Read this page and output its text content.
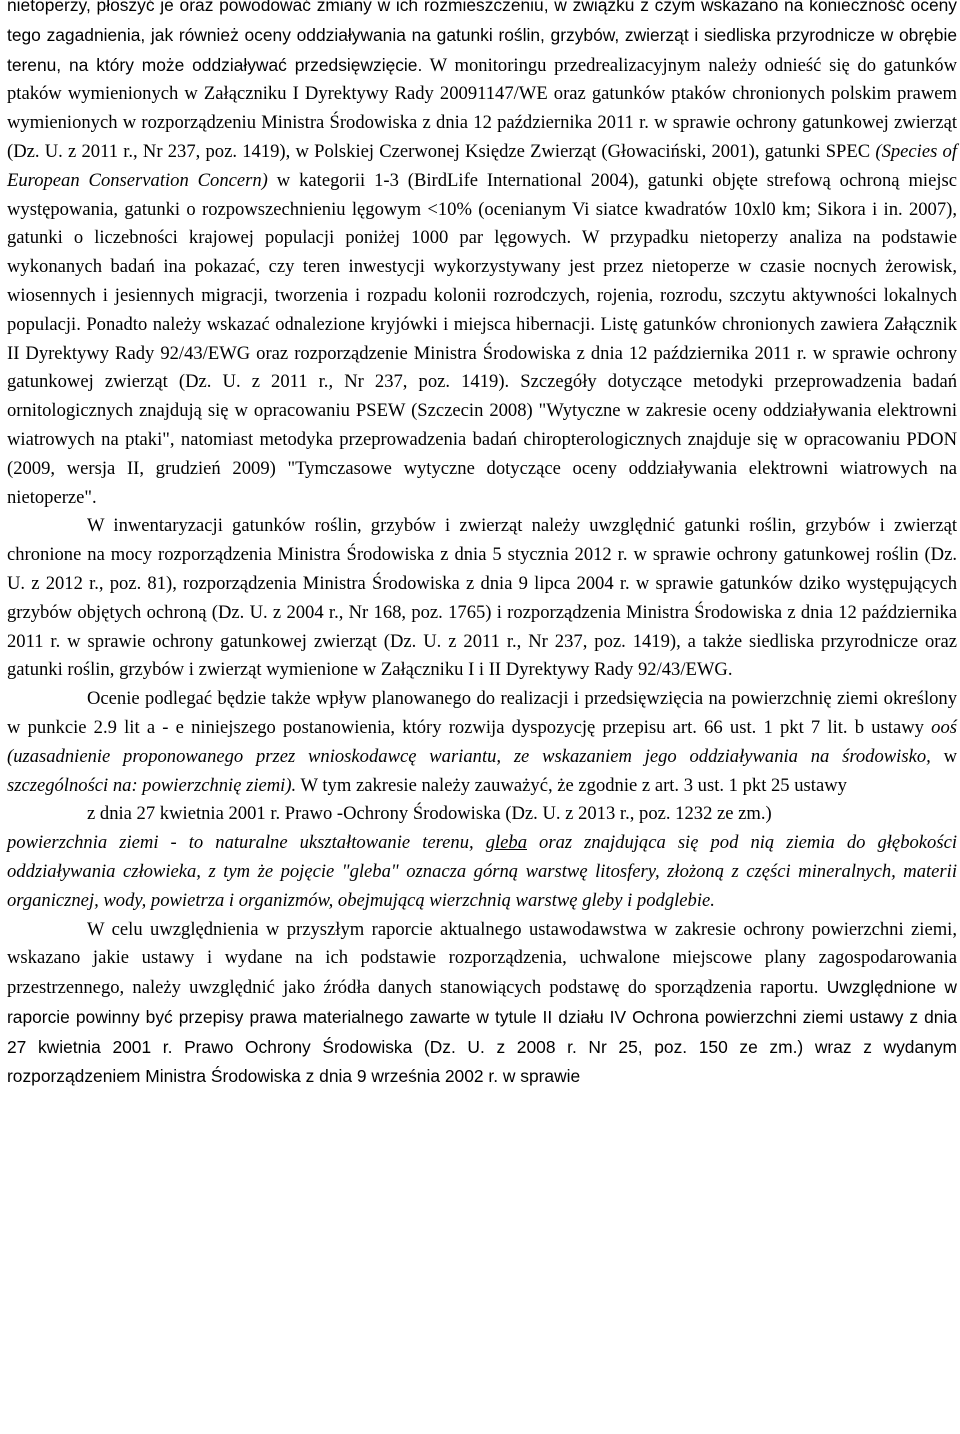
nietoperzy, płoszyć je oraz powodować zmiany w ich rozmieszczeniu, w związku z czym wskazano na konieczność oceny tego zagadnienia, jak również oceny oddziaływania na gatunki roślin, grzybów, zwierząt i siedliska przyrodnicze w obrębie terenu, na który może oddziaływać przedsięwzięcie. W monitoringu przedrealizacyjnym należy odnieść się do gatunków ptaków wymienionych w Załączniku I Dyrektywy Rady 20091147/WE oraz gatunków ptaków chronionych polskim prawem wymienionych w rozporządzeniu Ministra Środowiska z dnia 12 października 2011 r. w sprawie ochrony gatunkowej zwierząt (Dz. U. z 2011 r., Nr 237, poz. 1419), w Polskiej Czerwonej Księdze Zwierząt (Głowaciński, 2001), gatunki SPEC (Species of European Conservation Concern) w kategorii 1-3 (BirdLife International 2004), gatunki objęte strefową ochroną miejsc występowania, gatunki o rozpowszechnieniu lęgowym <10% (ocenianym Vi siatce kwadratów 10xl0 km; Sikora i in. 2007), gatunki o liczebności krajowej populacji poniżej 1000 par lęgowych. W przypadku nietoperzy analiza na podstawie wykonanych badań ina pokazać, czy teren inwestycji wykorzystywany jest przez nietoperze w czasie nocnych żerowisk, wiosennych i jesiennych migracji, tworzenia i rozpadu kolonii rozrodczych, rojenia, rozrodu, szczytu aktywności lokalnych populacji. Ponadto należy wskazać odnalezione kryjówki i miejsca hibernacji. Listę gatunków chronionych zawiera Załącznik II Dyrektywy Rady 92/43/EWG oraz rozporządzenie Ministra Środowiska z dnia 12 października 2011 r. w sprawie ochrony gatunkowej zwierząt (Dz. U. z 2011 r., Nr 237, poz. 1419). Szczegóły dotyczące metodyki przeprowadzenia badań ornitologicznych znajdują się w opracowaniu PSEW (Szczecin 2008) "Wytyczne w zakresie oceny oddziaływania elektrowni wiatrowych na ptaki", natomiast metodyka przeprowadzenia badań chiropterologicznych znajduje się w opracowaniu PDON (2009, wersja II, grudzień 2009) "Tymczasowe wytyczne dotyczące oceny oddziaływania elektrowni wiatrowych na nietoperze".

W inwentaryzacji gatunków roślin, grzybów i zwierząt należy uwzględnić gatunki roślin, grzybów i zwierząt chronione na mocy rozporządzenia Ministra Środowiska z dnia 5 stycznia 2012 r. w sprawie ochrony gatunkowej roślin (Dz. U. z 2012 r., poz. 81), rozporządzenia Ministra Środowiska z dnia 9 lipca 2004 r. w sprawie gatunków dziko występujących grzybów objętych ochroną (Dz. U. z 2004 r., Nr 168, poz. 1765) i rozporządzenia Ministra Środowiska z dnia 12 października 2011 r. w sprawie ochrony gatunkowej zwierząt (Dz. U. z 2011 r., Nr 237, poz. 1419), a także siedliska przyrodnicze oraz gatunki roślin, grzybów i zwierząt wymienione w Załączniku I i II Dyrektywy Rady 92/43/EWG.

Ocenie podlegać będzie także wpływ planowanego do realizacji i przedsięwzięcia na powierzchnię ziemi określony w punkcie 2.9 lit a - e niniejszego postanowienia, który rozwija dyspozycję przepisu art. 66 ust. 1 pkt 7 lit. b ustawy ooś (uzasadnienie proponowanego przez wnioskodawcę wariantu, ze wskazaniem jego oddziaływania na środowisko, w szczególności na: powierzchnię ziemi). W tym zakresie należy zauważyć, że zgodnie z art. 3 ust. 1 pkt 25 ustawy
z dnia 27 kwietnia 2001 r. Prawo -Ochrony Środowiska (Dz. U. z 2013 r., poz. 1232 ze zm.)
powierzchnia ziemi - to naturalne ukształtowanie terenu, gleba oraz znajdująca się pod nią ziemia do głębokości oddziaływania człowieka, z tym że pojęcie "gleba" oznacza górną warstwę litosfery, złożoną z części mineralnych, materii organicznej, wody, powietrza i organizmów, obejmującą wierzchnią warstwę gleby i podglebie.

W celu uwzględnienia w przyszłym raporcie aktualnego ustawodawstwa w zakresie ochrony powierzchni ziemi, wskazano jakie ustawy i wydane na ich podstawie rozporządzenia, uchwalone miejscowe plany zagospodarowania przestrzennego, należy uwzględnić jako źródła danych stanowiących podstawę do sporządzenia raportu. Uwzględnione w raporcie powinny być przepisy prawa materialnego zawarte w tytule II działu IV Ochrona powierzchni ziemi ustawy z dnia 27 kwietnia 2001 r. Prawo Ochrony Środowiska (Dz. U. z 2008 r. Nr 25, poz. 150 ze zm.) wraz z wydanym rozporządzeniem Ministra Środowiska z dnia 9 września 2002 r. w sprawie
